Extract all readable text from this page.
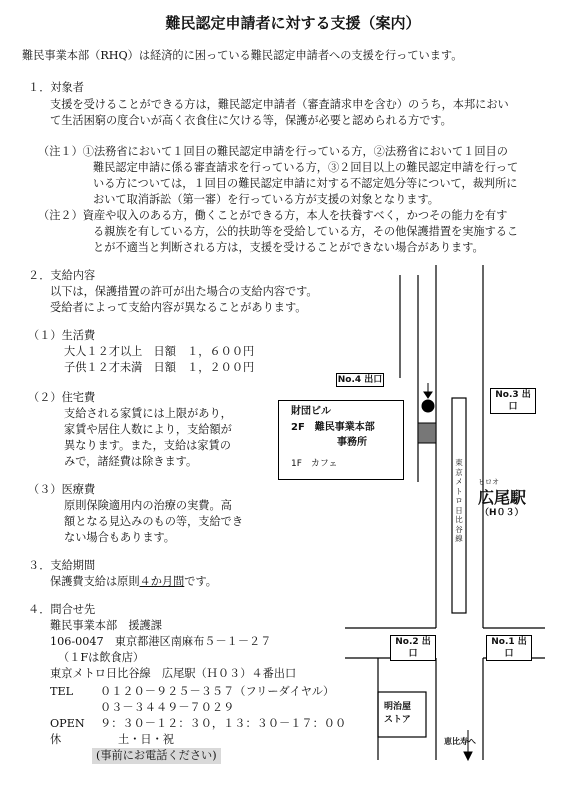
難民認定申請者に対する支援（案内）
難民事業本部（RHQ）は経済的に困っている難民認定申請者への支援を行っています。
１．対象者
支援を受けることができる方は，難民認定申請者（審査請求申を含む）のうち，本邦におい
て生活困窮の度合いが高く衣食住に欠ける等，保護が必要と認められる方です。
（注１）①法務省において１回目の難民認定申請を行っている方，②法務省において１回目の
難民認定申請に係る審査請求を行っている方，③２回目以上の難民認定申請を行って
いる方については，１回目の難民認定申請に対する不認定処分等について，裁判所に
おいて取消訴訟（第一審）を行っている方が支援の対象となります。
（注２）資産や収入のある方，働くことができる方，本人を扶養すべく，かつその能力を有す
る親族を有している方，公的扶助等を受給している方，その他保護措置を実施するこ
とが不適当と判断される方は，支援を受けることができない場合があります。
２．支給内容
以下は，保護措置の許可が出た場合の支給内容です。
受給者によって支給内容が異なることがあります。
（１）生活費
大人１２才以上　日額　１，６００円
子供１２才未満　日額　１，２００円
（２）住宅費
支給される家賃には上限があり，
家賃や居住人数により，支給額が
異なります。また，支給は家賃の
みで，諸経費は除きます。
（３）医療費
原則保険適用内の治療の実費。高
額となる見込みのもの等，支給でき
ない場合もあります。
３．支給期間
保護費支給は原則４か月間です。
４．問合せ先
難民事業本部　援護課
106-0047　東京都港区南麻布５－１－２７
（１Fは飲食店）
東京メトロ日比谷線　広尾駅（Ｈ０３）４番出口
TEL ０１２０－９２５－３５７（フリーダイヤル）
０３－３４４９－７０２９
OPEN ９：３０－１２：３０，１３：３０－１７：００
休	土・日・祝
(事前にお電話ください)
No.4 出口
No.3 出口
No.2 出口
No.1 出口
財団ビル
2F　難民事業本部
事務所
1F　カフェ	東京メトロ　日比谷線
ヒロオ
広尾駅
（H０３）
明治屋
ストア
恵比寿へ
